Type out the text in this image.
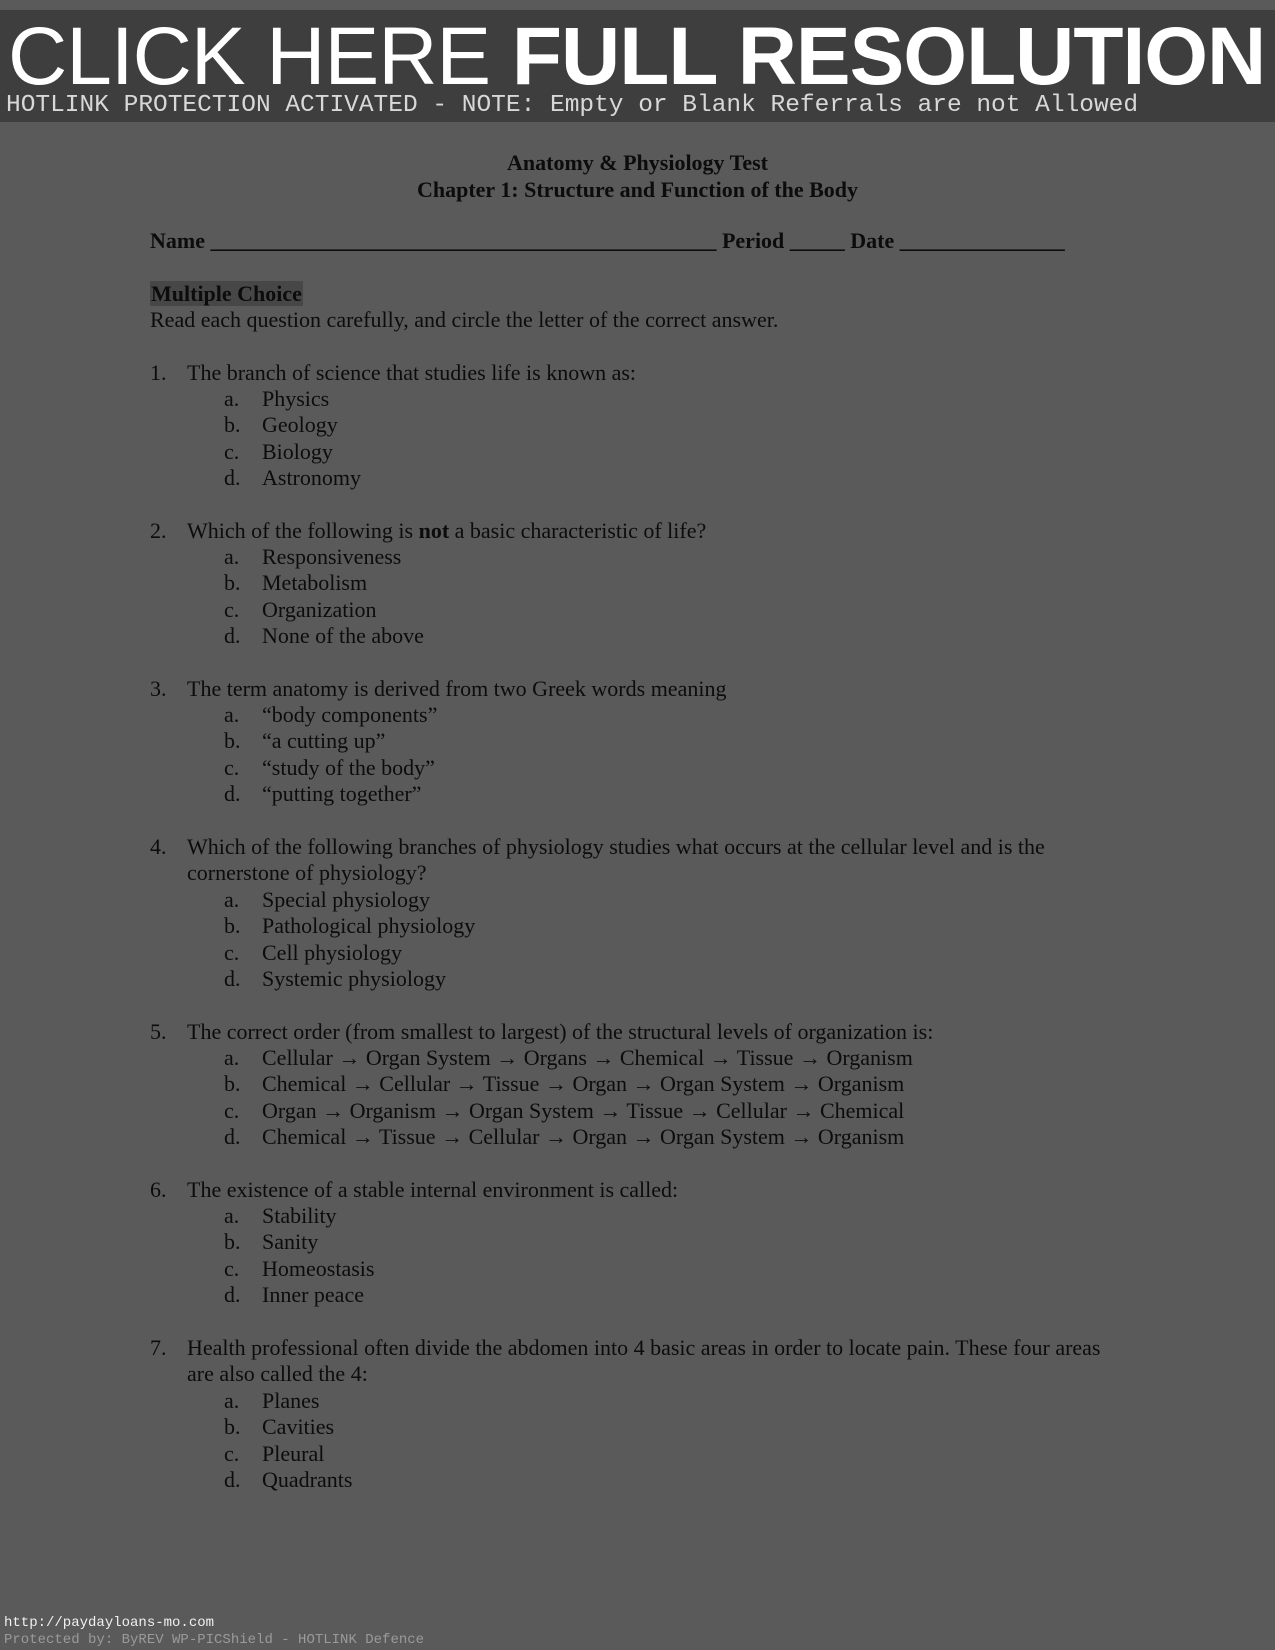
CLICK HERE FULL RESOLUTION
HOTLINK PROTECTION ACTIVATED - NOTE: Empty or Blank Referrals are not Allowed
Anatomy & Physiology Test
Chapter 1: Structure and Function of the Body
Name ______________________________________________ Period _____ Date _______________
Multiple Choice
Read each question carefully, and circle the letter of the correct answer.
1. The branch of science that studies life is known as:
a. Physics
b. Geology
c. Biology
d. Astronomy
2. Which of the following is not a basic characteristic of life?
a. Responsiveness
b. Metabolism
c. Organization
d. None of the above
3. The term anatomy is derived from two Greek words meaning
a. “body components”
b. “a cutting up”
c. “study of the body”
d. “putting together”
4. Which of the following branches of physiology studies what occurs at the cellular level and is the cornerstone of physiology?
a. Special physiology
b. Pathological physiology
c. Cell physiology
d. Systemic physiology
5. The correct order (from smallest to largest) of the structural levels of organization is:
a. Cellular → Organ System → Organs → Chemical → Tissue → Organism
b. Chemical → Cellular → Tissue → Organ → Organ System → Organism
c. Organ → Organism → Organ System → Tissue → Cellular → Chemical
d. Chemical → Tissue → Cellular → Organ → Organ System → Organism
6. The existence of a stable internal environment is called:
a. Stability
b. Sanity
c. Homeostasis
d. Inner peace
7. Health professional often divide the abdomen into 4 basic areas in order to locate pain. These four areas are also called the 4:
a. Planes
b. Cavities
c. Pleural
d. Quadrants
http://paydayloans-mo.com
Protected by: ByREV WP-PICShield - HOTLINK Defence
